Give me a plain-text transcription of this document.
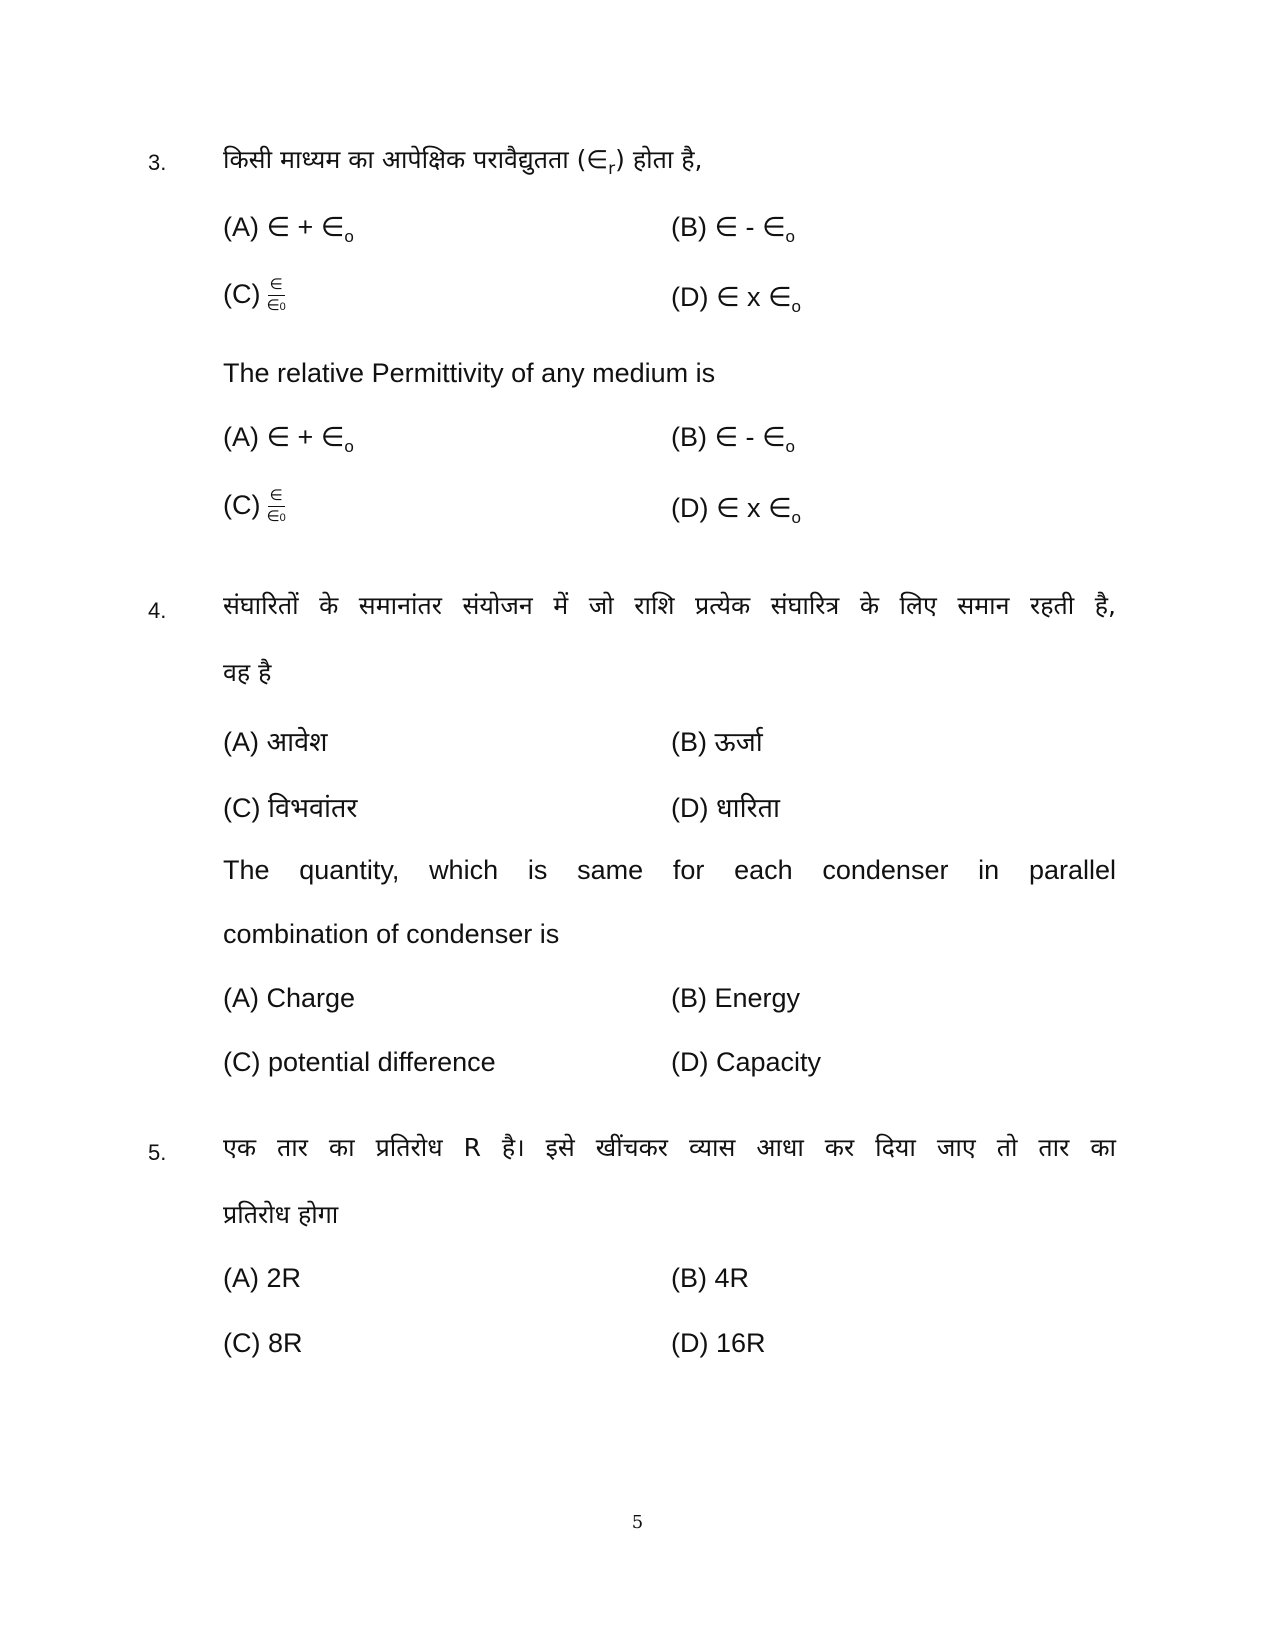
3. किसी माध्यम का आपेक्षिक परावैद्युतता $(\in_r)$ होता है,
(A) ∈ + $\in_o$	(B) ∈ - $\in_o$
$(C) \frac{\in}{\in 0}$	(D) ∈ x $\in_o$
The relative Permittivity of any medium is
(A) ∈ + $\in_o$	(B) ∈ - $\in_o$
$(C) \frac{\in}{\in 0}$	(D) ∈ x $\in_o$
4. संघारितों के समानांतर संयोजन में जो राशि प्रत्येक संघारित्र के लिए समान रहती है,
वह है
(A) आवेश	(B) ऊर्जा
(C) विभवांतर	(D) धारिता
The quantity, which is same for each condenser in parallel
combination of condenser is
(A) Charge	(B) Energy
(C) potential difference	(D) Capacity
5. एक तार का प्रतिरोध R है। इसे खींचकर व्यास आधा कर दिया जाए तो तार का
प्रतिरोध होगा
(A) 2R	(B) 4R
(C) 8R	(D) 16R
5
